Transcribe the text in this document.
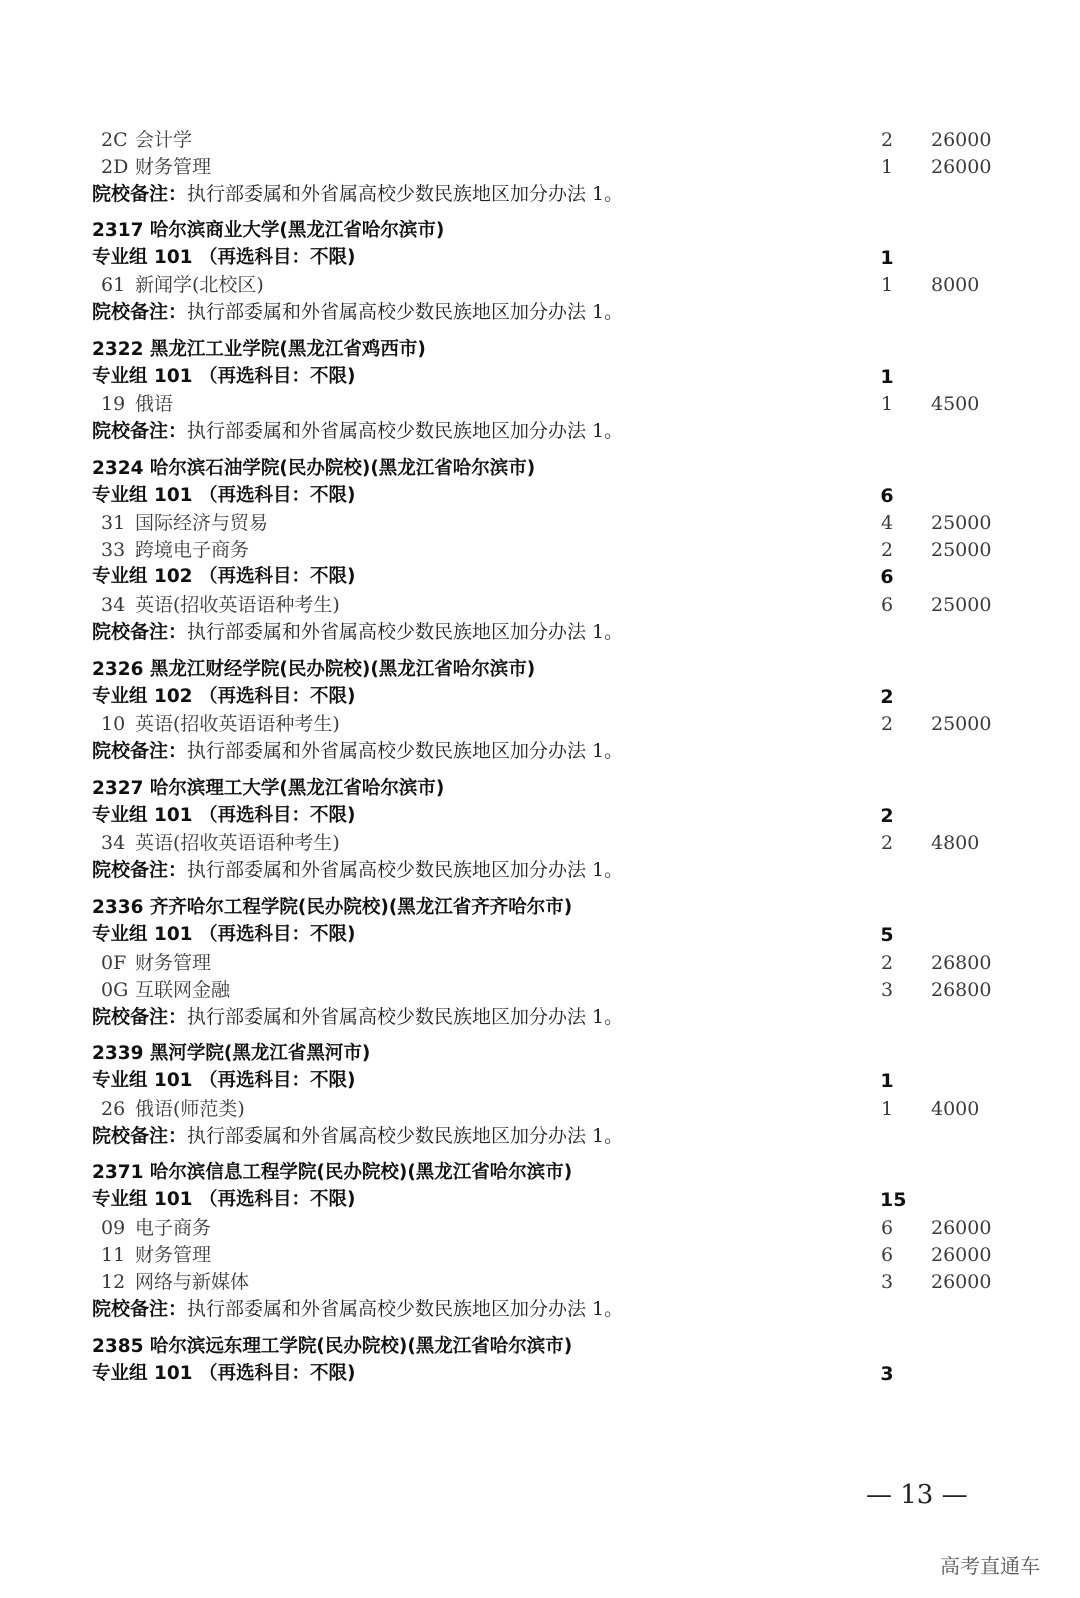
2C 会计学	2 26000
2D 财务管理	1 26000
院校备注：执行部委属和外省属高校少数民族地区加分办法 1。
2317 哈尔滨商业大学(黑龙江省哈尔滨市)
专业组 101 （再选科目：不限)	1
61 新闻学(北校区)	1 8000
院校备注：执行部委属和外省属高校少数民族地区加分办法 1。
2322 黑龙江工业学院(黑龙江省鸡西市)
专业组 101 （再选科目：不限)	1
19 俄语	1 4500
院校备注：执行部委属和外省属高校少数民族地区加分办法 1。
2324 哈尔滨石油学院(民办院校)(黑龙江省哈尔滨市)
专业组 101 （再选科目：不限)	6
31 国际经济与贸易	4 25000
33 跨境电子商务	2 25000
专业组 102 （再选科目：不限)	6
34 英语(招收英语语种考生)	6 25000
院校备注：执行部委属和外省属高校少数民族地区加分办法 1。
2326 黑龙江财经学院(民办院校)(黑龙江省哈尔滨市)
专业组 102 （再选科目：不限)	2
10 英语(招收英语语种考生)	2 25000
院校备注：执行部委属和外省属高校少数民族地区加分办法 1。
2327 哈尔滨理工大学(黑龙江省哈尔滨市)
专业组 101 （再选科目：不限)	2
34 英语(招收英语语种考生)	2 4800
院校备注：执行部委属和外省属高校少数民族地区加分办法 1。
2336 齐齐哈尔工程学院(民办院校)(黑龙江省齐齐哈尔市)
专业组 101 （再选科目：不限)	5
0F 财务管理	2 26800
0G 互联网金融	3 26800
院校备注：执行部委属和外省属高校少数民族地区加分办法 1。
2339 黑河学院(黑龙江省黑河市)
专业组 101 （再选科目：不限)	1
26 俄语(师范类)	1 4000
院校备注：执行部委属和外省属高校少数民族地区加分办法 1。
2371 哈尔滨信息工程学院(民办院校)(黑龙江省哈尔滨市)
专业组 101 （再选科目：不限)	15
09 电子商务	6 26000
11 财务管理	6 26000
12 网络与新媒体	3 26000
院校备注：执行部委属和外省属高校少数民族地区加分办法 1。
2385 哈尔滨远东理工学院(民办院校)(黑龙江省哈尔滨市)
专业组 101 （再选科目：不限)	3
— 13 —
高考直通车
